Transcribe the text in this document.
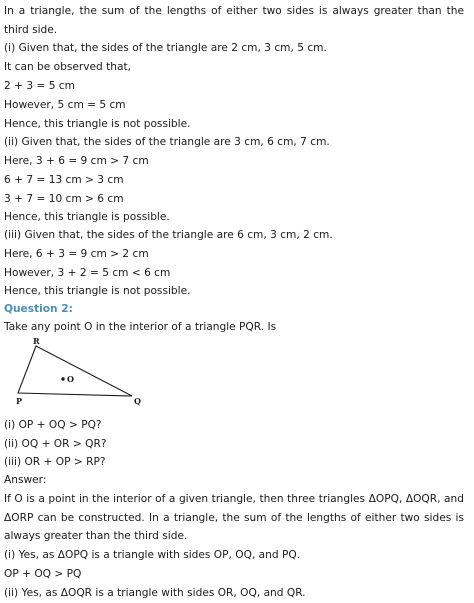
In a triangle, the sum of the lengths of either two sides is always greater than the third side.
(i) Given that, the sides of the triangle are 2 cm, 3 cm, 5 cm.
It can be observed that,
2 + 3 = 5 cm
However, 5 cm = 5 cm
Hence, this triangle is not possible.
(ii) Given that, the sides of the triangle are 3 cm, 6 cm, 7 cm.
Here, 3 + 6 = 9 cm > 7 cm
6 + 7 = 13 cm > 3 cm
3 + 7 = 10 cm > 6 cm
Hence, this triangle is possible.
(iii) Given that, the sides of the triangle are 6 cm, 3 cm, 2 cm.
Here, 6 + 3 = 9 cm > 2 cm
However, 3 + 2 = 5 cm < 6 cm
Hence, this triangle is not possible.
Question 2:
Take any point O in the interior of a triangle PQR. Is
R
P	Q
O
(i) OP + OQ > PQ?
(ii) OQ + OR > QR?
(iii) OR + OP > RP?
Answer:
If O is a point in the interior of a given triangle, then three triangles ΔOPQ, ΔOQR, and ΔORP can be constructed. In a triangle, the sum of the lengths of either two sides is always greater than the third side.
(i) Yes, as ΔOPQ is a triangle with sides OP, OQ, and PQ.
OP + OQ > PQ
(ii) Yes, as ΔOQR is a triangle with sides OR, OQ, and QR.
